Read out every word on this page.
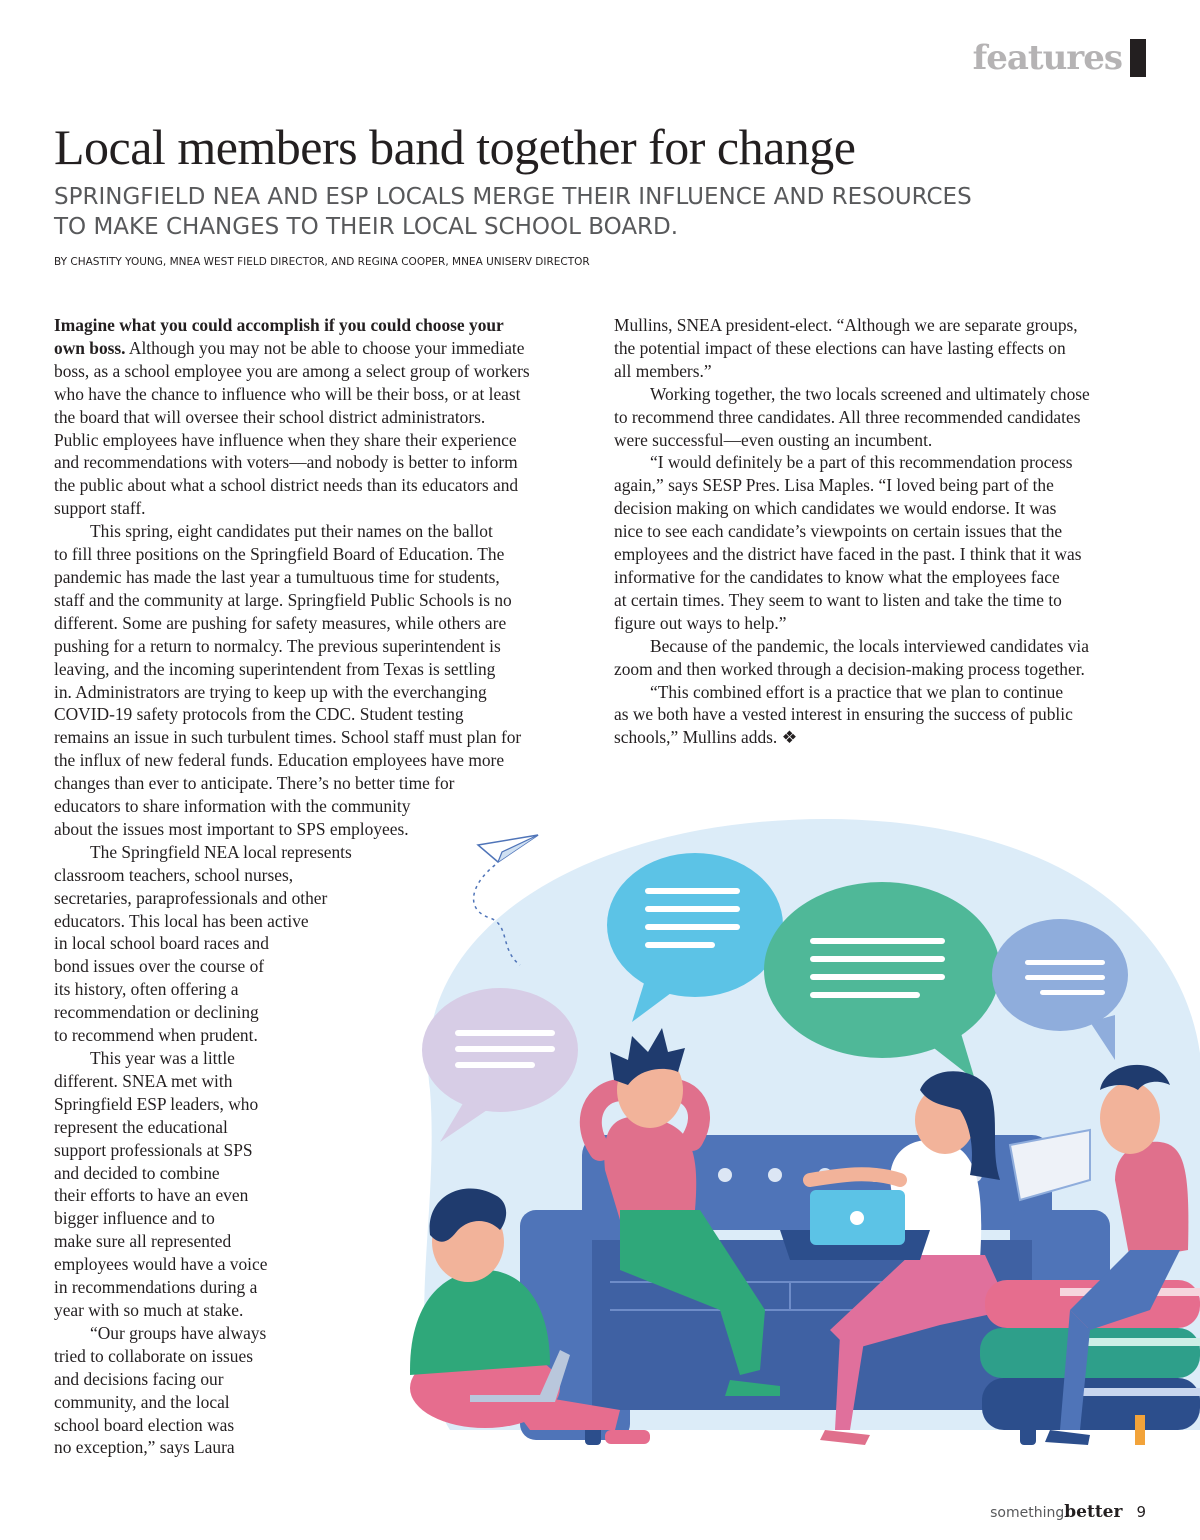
features
Local members band together for change
SPRINGFIELD NEA AND ESP LOCALS MERGE THEIR INFLUENCE AND RESOURCES
TO MAKE CHANGES TO THEIR LOCAL SCHOOL BOARD.

BY CHASTITY YOUNG, MNEA WEST FIELD DIRECTOR, AND REGINA COOPER, MNEA UNISERV DIRECTOR

Imagine what you could accomplish if you could choose your
own boss. Although you may not be able to choose your immediate
boss, as a school employee you are among a select group of workers
who have the chance to influence who will be their boss, or at least
the board that will oversee their school district administrators.
Public employees have influence when they share their experience
and recommendations with voters—and nobody is better to inform
the public about what a school district needs than its educators and
support staff.
This spring, eight candidates put their names on the ballot
to fill three positions on the Springfield Board of Education. The
pandemic has made the last year a tumultuous time for students,
staff and the community at large. Springfield Public Schools is no
different. Some are pushing for safety measures, while others are
pushing for a return to normalcy. The previous superintendent is
leaving, and the incoming superintendent from Texas is settling
in. Administrators are trying to keep up with the everchanging
COVID-19 safety protocols from the CDC. Student testing
remains an issue in such turbulent times. School staff must plan for
the influx of new federal funds. Education employees have more
changes than ever to anticipate. There’s no better time for
educators to share information with the community
about the issues most important to SPS employees.
The Springfield NEA local represents
classroom teachers, school nurses,
secretaries, paraprofessionals and other
educators. This local has been active
in local school board races and
bond issues over the course of
its history, often offering a
recommendation or declining
to recommend when prudent.
This year was a little
different. SNEA met with
Springfield ESP leaders, who
represent the educational
support professionals at SPS
and decided to combine
their efforts to have an even
bigger influence and to
make sure all represented
employees would have a voice
in recommendations during a
year with so much at stake.
“Our groups have always
tried to collaborate on issues
and decisions facing our
community, and the local
school board election was
no exception,” says Laura
Mullins, SNEA president-elect. “Although we are separate groups,
the potential impact of these elections can have lasting effects on
all members.”
Working together, the two locals screened and ultimately chose
to recommend three candidates. All three recommended candidates
were successful—even ousting an incumbent.
“I would definitely be a part of this recommendation process
again,” says SESP Pres. Lisa Maples. “I loved being part of the
decision making on which candidates we would endorse. It was
nice to see each candidate’s viewpoints on certain issues that the
employees and the district have faced in the past. I think that it was
informative for the candidates to know what the employees face
at certain times. They seem to want to listen and take the time to
figure out ways to help.”
Because of the pandemic, the locals interviewed candidates via
zoom and then worked through a decision-making process together.
“This combined effort is a practice that we plan to continue
as we both have a vested interest in ensuring the success of public
schools,” Mullins adds. ❖
something better 9
